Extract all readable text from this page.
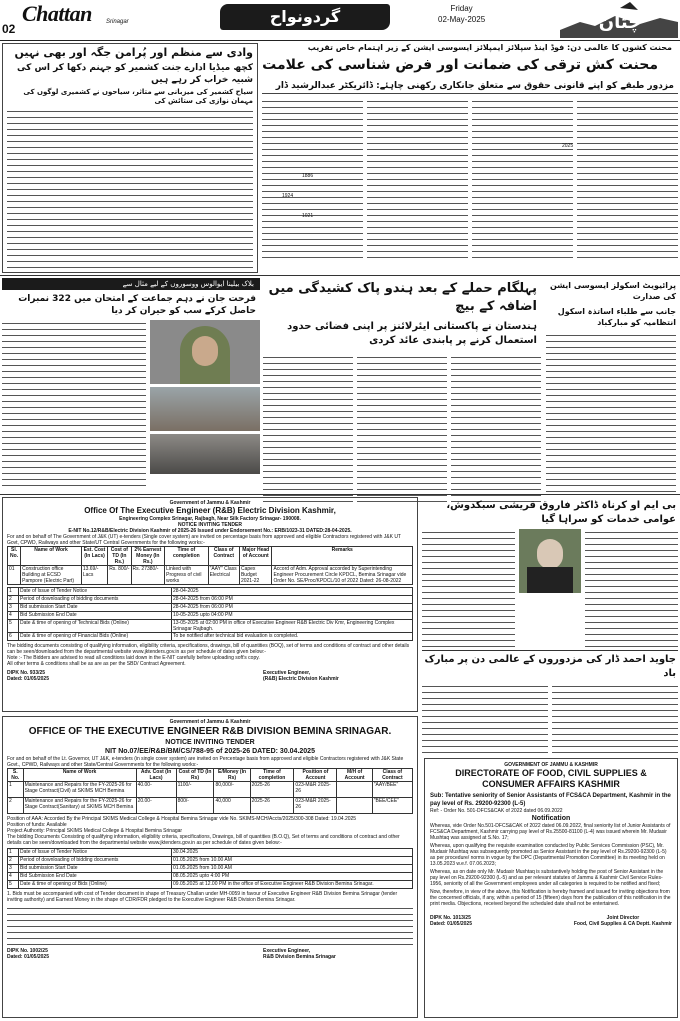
02
Chattan Srinagar	گردونواح	Friday
02-May-2025	چٹان
وادی سے منظم اور پُرامن جگہ اور بھی نہیں
کچھ میڈیا ادارے جنت کشمیر کو جہنم دکھا کر اس کی شبیہ خراب کر رہے ہیں
سیاح کشمیر کی میزبانی سے متاثر، سیاحوں نے کشمیری لوگوں کی مہمان نوازی کی ستائش کی
محنت کشوں کا عالمی دن: فوڈ اینڈ سپلائز ایمپلائز ایسوسی ایشن کے زیر اہتمام خاص تقریب
محنت کش ترقی کی ضمانت اور فرض شناسی کی علامت
مزدور طبقے کو اپنے قانونی حقوق سے متعلق جانکاری رکھنی چاہئے: ڈائریکٹر عبدالرشید ڈار
1886
1924
1021
2025
بلاک بیلینا ایوالوس ووسوروں کے لیے مثال سے
فرحت جان نے دہم جماعت کے امتحان میں 322 نمبرات حاصل کرکے سب کو حیران کر دیا
پہلگام حملے کے بعد ہندو پاک کشیدگی میں اضافہ کے بیچ
ہندستان نے پاکستانی ایئرلائنز پر اپنی فضائی حدود استعمال کرنے پر پابندی عائد کردی
پرائیویٹ اسکولز ایسوسی ایشن کی صدارت
جانب سے طلباء اساتذہ اسکول انتظامیہ کو مبارکباد
Government of Jammu & Kashmir
Office Of The Executive Engineer (R&B) Electric Division Kashmir,
Engineering Complex Srinagar, Rajbagh, Near Silk Factory Srinagar- 190008.
NOTICE INVITING TENDER
E-NIT No.12/R&B/Electric Division Kashmir of 2025-26 Issued under Endorsement No.: ERB/1023-31 DATED:28-04-2025.
For and on behalf of The Government of J&K (UT) e-tenders (Single cover system) are invited on percentage basis from approved and eligible Contractors registered with J&K UT Govt, CPWD, Railways and other State/UT Central Governments for the following works:-
Sl. No.	Name of Work	Est. Cost (In Lacs)	Cost of TD (In Rs.)	2% Earnest Money (In Rs.)	Time of completion	Class of Contract	Major Head of Account	Remarks
01	Construction office Building at ECSD Pampore (Electric Part)	13.69/- Lacs	Rs. 800/-	Rs. 27380/-	Linked with Progress of civil works	"AAY" Class Electrical	Capex Budget 2021-22	Accord of Adm. Approval accorded by Superintending Engineer Procurement Circle KPDCL, Bemina Srinagar vide Order No. SE/Proc/KPDCL/10 of 2022 Dated: 26-08-2022
1	Date of Issue of Tender Notice	28-04-2025
2	Period of downloading of bidding documents	28-04-2025 from 06:00 PM
3	Bid submission Start Date	28-04-2025 from 06:00 PM
4	Bid Submission End Date	10-05-2025 upto 04:00 PM
5	Date & time of opening of Technical Bids (Online)	13-05-2025 at 02:00 PM in office of Executive Engineer R&B Electric Div Kmr, Engineering Complex Srinagar Rajbagh.
6	Date & time of opening of Financial Bids (Online)	To be notified after technical bid evaluation is completed.
The bidding documents consisting of qualifying information, eligibility criteria, specifications, drawings, bill of quantities (BOQ), set of terms and conditions of contract and other details can be seen/downloaded from the departmental website www.jktenders.gov.in as per schedule of dates given below:-
Note :- The Bidders are advised to read all conditions laid down in the E-NIT carefully before uploading soft's copy.
All other terms & conditions shall be as are as per the SBD/ Contract Agreement.
DIPK No. 933/25
Dated: 01/05/2025
Executive Engineer,
(R&B) Electric Division Kashmir
Government of Jammu & Kashmir
OFFICE OF THE EXECUTIVE ENGINEER R&B DIVISION BEMINA SRINAGAR.
NOTICE INVITING TENDER
NIT No.07/EE/R&B/BM/CS/788-95 of 2025-26 DATED: 30.04.2025
For and on behalf of the Lt. Governor, UT J&K, e-tenders (in single cover system) are invited on Percentage basis from approved and eligible Contractors registered with J&K State Govt., CPWD, Railways and other State/Central Governments for the following works:-
S. No.	Name of Work	Adv. Cost (In Lacs)	Cost of TD (In Rs)	E/Money (In Rs)	Time of completion	Position of Account	M/H of Account	Class of Contract
1	Maintenance and Repairs for the FY-2025-26 for Stage Contract(Civil) at SKIMS MCH Bemina	40.00-	1100/-	80,000/-	2025-26	023-M&R 2025-26		"AAY/BEE"
2	Maintenance and Repairs for the FY-2025-26 for Stage Contract(Sanitary) at SKIMS MCH Bemina	20.00-	800/-	40,000	2025-26	023-M&R 2025-26		"BEE/CEE"
Position of AAA: Accorded By the Principal SKIMS Medical College & Hospital Bemina Srinagar vide No. SKIMS-MCH/Accts/2025/300-308 Dated: 19.04.2025
Position of funds: Available
Project Authority: Principal SKIMS Medical College & Hospital Bemina Srinagar
The bidding Documents Consisting of qualifying information, eligibility criteria, specifications, Drawings, bill of quantities (B.O.Q), Set of terms and conditions of contract and other details can be seen/downloaded from the departmental website www.jktenders.gov.in as per schedule of dates given below:-
1	Date of Issue of Tender Notice	30.04.2025
2	Period of downloading of bidding documents	01.05.2025 from 10.00 AM
3	Bid submission Start Date	01.05.2025 from 10.00 AM
4	Bid Submission End Date	08.05.2025 upto 4:00 PM
5	Date & time of opening of Bids (Online)	09.05.2025 at 12.00 PM in the office of Executive Engineer R&B Division Bemina Srinagar.
1. Bids must be accompanied with cost of Tender document in shape of Treasury Challan under MH-0059 in favour of Executive Engineer R&B Division Bemina Srinagar (tender inviting authority) and Earnest Money in the shape of CDR/FDR pledged to the Executive Engineer R&B Division Bemina Srinagar.
DIPK No. 1002/25
Dated: 01/05/2025
Executive Engineer,
R&B Division Bemina Srinagar
بی ایم او کرناہ ڈاکٹر فاروق قریشی سبکدوش، عوامی خدمات کو سراہا گیا
جاوید احمد ڈار کی مزدوروں کے عالمی دن پر مبارک باد
GOVERNMENT OF JAMMU & KASHMIR
DIRECTORATE OF FOOD, CIVIL SUPPLIES &
CONSUMER AFFAIRS KASHMIR
Sub: Tentative seniority of Senior Assistants of FCS&CA Department, Kashmir in the pay level of Rs. 29200-92300 (L-5)
Ref: - Order No. 501-DFCS&CAK of 2022 dated 06.09.2022
Notification
Whereas, vide Order No.501-DFCS&CAK of 2022 dated 06.09.2022, final seniority list of Junior Assistants of FCS&CA Department, Kashmir carrying pay level of Rs.25500-81100 (L-4) was issued wherein Mr. Mudasir Mushtaq was assigned at S.No. 17;
Whereas, upon qualifying the requisite examination conducted by Public Services Commission (PSC), Mr. Mudasir Mushtaq was subsequently promoted as Senior Assistant in the pay level of Rs.29200-92300 (L-5) as per procedure/ norms in vogue by the DPC (Departmental Promotion Committee) in its meeting held on 13.05.2023 w.e.f. 07.06.2023;
Whereas, as on date only Mr. Mudasir Mushtaq is substantively holding the post of Senior Assistant in the pay level on Rs.29200-92300 (L-5) and as per relevant statutes of Jammu & Kashmir Civil Service Rules-1956, seniority of all the Government employees under all categories is required to be notified and fixed;
Now, therefore, in view of the above, this Notification is hereby framed and issued for inviting objections from the concerned officials, if any, within a period of 15 (fifteen) days from the publication of this notification in the print media. Objections, received beyond the scheduled date shall not be entertained.
DIPK No. 1013/25
Dated: 01/05/2025
Joint Director
Food, Civil Supplies & CA Deptt. Kashmir
